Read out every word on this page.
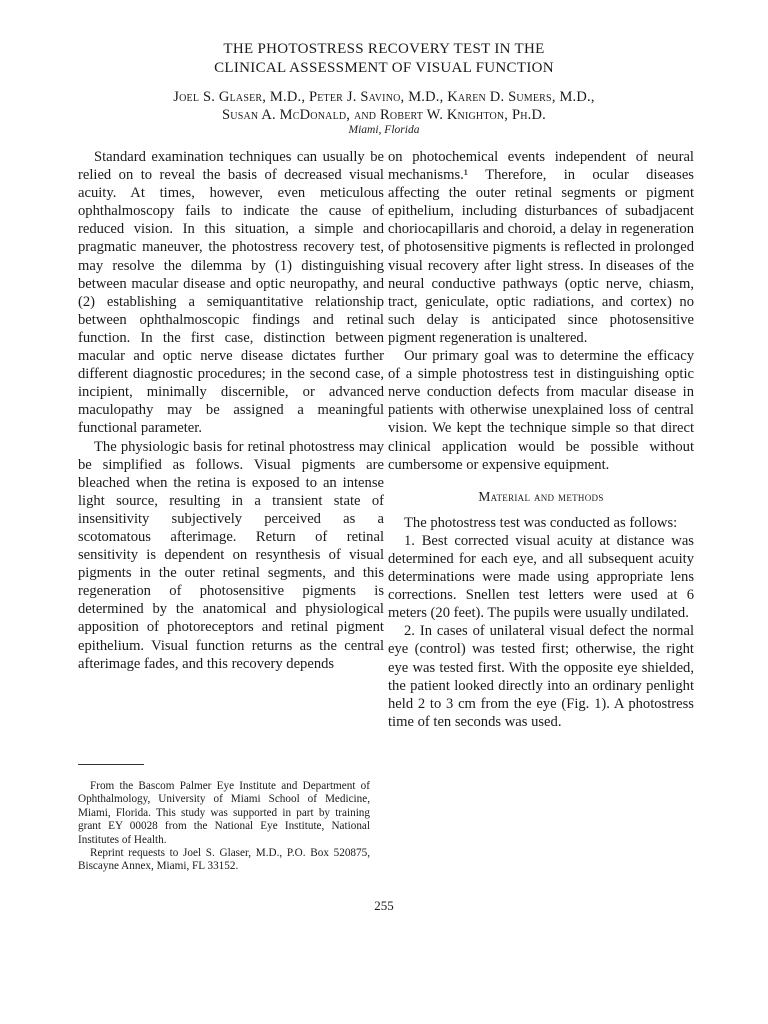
THE PHOTOSTRESS RECOVERY TEST IN THE
CLINICAL ASSESSMENT OF VISUAL FUNCTION
Joel S. Glaser, M.D., Peter J. Savino, M.D., Karen D. Sumers, M.D.,
Susan A. McDonald, and Robert W. Knighton, Ph.D.
Miami, Florida

Standard examination techniques can usually be relied on to reveal the basis of decreased visual acuity. At times, however, even meticulous ophthalmoscopy fails to indicate the cause of reduced vision. In this situation, a simple and pragmatic maneuver, the photostress recovery test, may resolve the dilemma by (1) distinguishing between macular disease and optic neuropathy, and (2) establishing a semiquantitative relationship between ophthalmoscopic findings and retinal function. In the first case, distinction between macular and optic nerve disease dictates further different diagnostic procedures; in the second case, incipient, minimally discernible, or advanced maculopathy may be assigned a meaningful functional parameter.

The physiologic basis for retinal photostress may be simplified as follows. Visual pigments are bleached when the retina is exposed to an intense light source, resulting in a transient state of insensitivity subjectively perceived as a scotomatous afterimage. Return of retinal sensitivity is dependent on resynthesis of visual pigments in the outer retinal segments, and this regeneration of photosensitive pigments is determined by the anatomical and physiological apposition of photoreceptors and retinal pigment epithelium. Visual function returns as the central afterimage fades, and this recovery depends

on photochemical events independent of neural mechanisms.¹ Therefore, in ocular diseases affecting the outer retinal segments or pigment epithelium, including disturbances of subadjacent choriocapillaris and choroid, a delay in regeneration of photosensitive pigments is reflected in prolonged visual recovery after light stress. In diseases of the neural conductive pathways (optic nerve, chiasm, tract, geniculate, optic radiations, and cortex) no such delay is anticipated since photosensitive pigment regeneration is unaltered.

Our primary goal was to determine the efficacy of a simple photostress test in distinguishing optic nerve conduction defects from macular disease in patients with otherwise unexplained loss of central vision. We kept the technique simple so that direct clinical application would be possible without cumbersome or expensive equipment.

Material and methods

The photostress test was conducted as follows:

1. Best corrected visual acuity at distance was determined for each eye, and all subsequent acuity determinations were made using appropriate lens corrections. Snellen test letters were used at 6 meters (20 feet). The pupils were usually undilated.

2. In cases of unilateral visual defect the normal eye (control) was tested first; otherwise, the right eye was tested first. With the opposite eye shielded, the patient looked directly into an ordinary penlight held 2 to 3 cm from the eye (Fig. 1). A photostress time of ten seconds was used.

From the Bascom Palmer Eye Institute and Department of Ophthalmology, University of Miami School of Medicine, Miami, Florida. This study was supported in part by training grant EY 00028 from the National Eye Institute, National Institutes of Health.

Reprint requests to Joel S. Glaser, M.D., P.O. Box 520875, Biscayne Annex, Miami, FL 33152.

255
